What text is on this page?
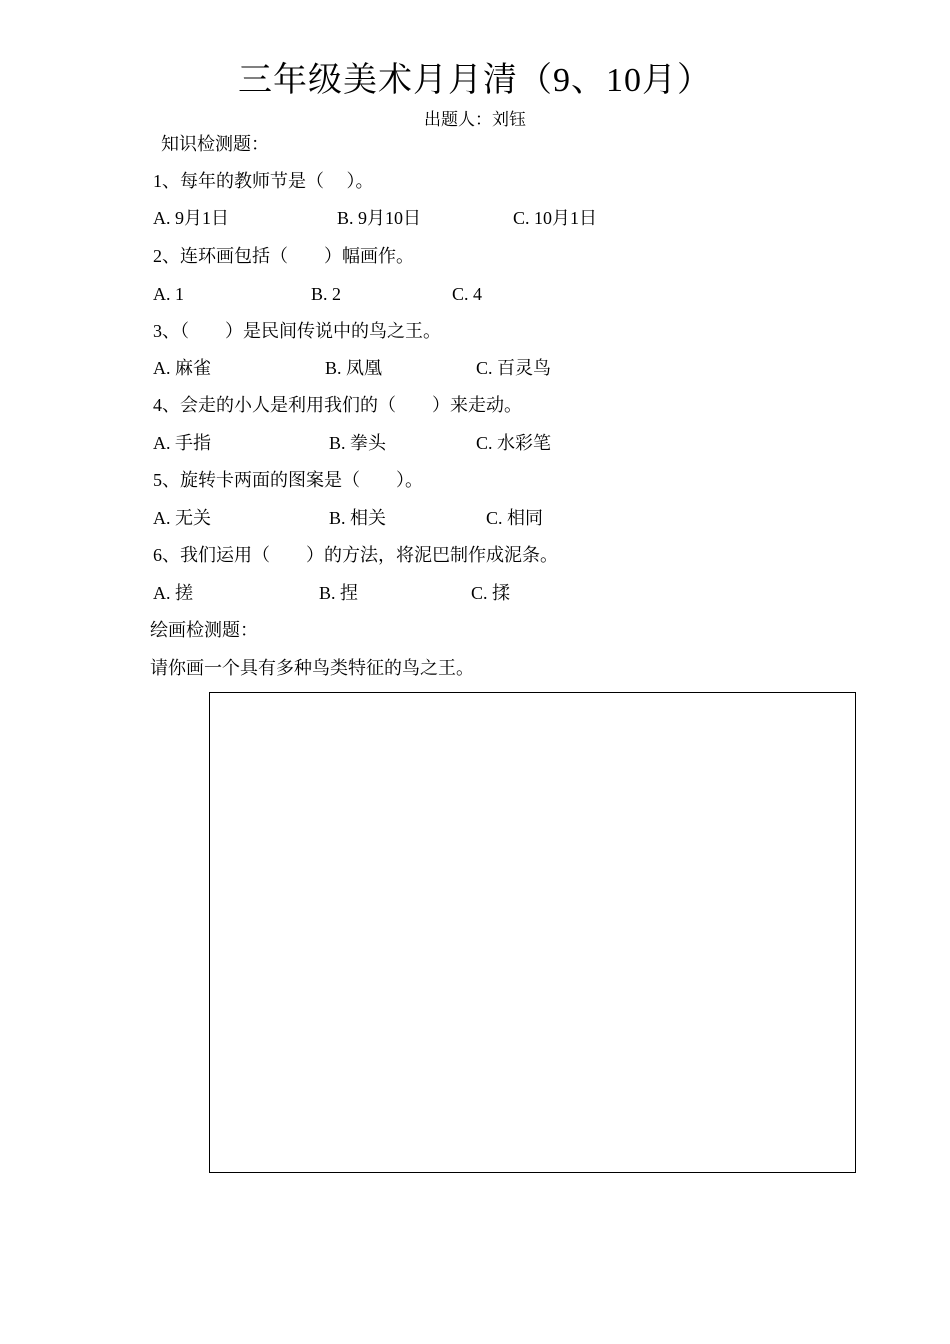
三年级美术月月清（9、10月）
出题人：刘钰
知识检测题：
1、每年的教师节是（　 ）。
A. 9月1日	B. 9月10日	C. 10月1日
2、连环画包括（　　）幅画作。
A. 1	B. 2	C. 4
3、（　　）是民间传说中的鸟之王。
A. 麻雀	B. 凤凰	C. 百灵鸟
4、会走的小人是利用我们的（　　）来走动。
A. 手指	B. 拳头	C. 水彩笔
5、旋转卡两面的图案是（　　）。
A. 无关	B. 相关	C. 相同
6、我们运用（　　）的方法，将泥巴制作成泥条。
A. 搓	B. 捏	C. 揉
绘画检测题：
请你画一个具有多种鸟类特征的鸟之王。
